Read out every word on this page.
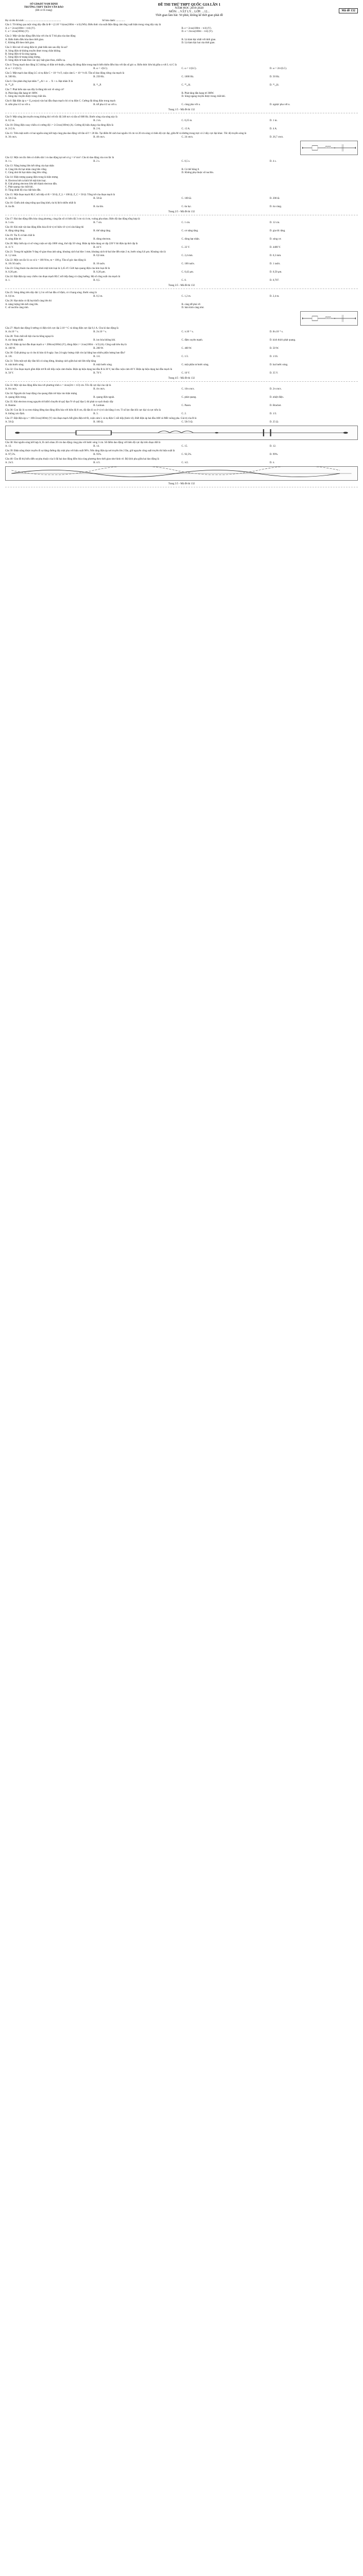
SỞ GD&ĐT NAM ĐỊNH
TRƯỜNG THPT TRẦN VĂN BẢO
(Đề có 05 trang)
ĐỀ THI THỬ THPT QUỐC GIA LẦN 1
NĂM HỌC 2019-2020
MÔN: ...VẬT LÝ... LỚP: ...12...
Thời gian làm bài: 50 phút, không kể thời gian phát đề
Mã đề 132
Họ và tên thí sinh: ........................................................	Số báo danh: ..............
Câu 1: Từ thông qua một vòng dây dẫn là Φ = (2.10⁻²/π)cos(100πt + π/4) (Wb). Biểu thức của suất điện động cảm ứng xuất hiện trong vòng dây này là
A. e = 2cos(100πt + π/4) (V).	B. e = 2cos(100πt − π/4) (V).
C. e = 2cos(100πt) (V).	D. e = 2πcos(100πt − π/4) (V).
Câu 2: Một vật dao động điều hòa với chu kì T thì pha của dao động
A. Biến thiên điều hòa theo thời gian.	B. Là hàm bậc nhất với thời gian.
C. Không đổi theo thời gian.	D. Là hàm bậc hai của thời gian.
Câu 3: Khi nói về sóng điện từ, phát biểu nào sau đây là sai?
A. Sóng điện từ không truyền được trong chân không.
B. Sóng điện từ là sóng ngang.
C. Sóng điện từ mang năng lượng.
D. Sóng điện từ tuân theo các quy luật giao thoa, nhiễu xạ.
Câu 4: Trong mạch dao động LC không có điện trở thuần, cường độ dòng điện trong mạch biến thiên điều hòa với tần số góc ω. Biểu thức liên hệ giữa ω với L và C là
A. ω = 1/√(LC).	B. ω = √(LC).	C. ω = 1/(LC).	D. ω = 2π√(LC).
Câu 5: Một mạch dao động LC có tụ điện C = 10⁻³/π F, cuộn cảm L = 10⁻³/π H. Tần số dao động riêng của mạch là
A. 500 Hz.	B. 250 Hz.	C. 1000 Hz.	D. 50 Hz.
Câu 6: Cho phản ứng hạt nhân ²⁷₁₃Al + α → X + n. Hạt nhân X là
A. ³⁰₁₅P.	B. ³¹₁₅P.	C. ³⁰₁₄Si.	D. ²⁹₁₄Si.
Câu 7: Phát biểu nào sau đây là đúng khi nói về sóng cơ?
A. Phát tăng dần hạng tử 1MW.	B. Phát tăng dần hạng tử 3MW.
C. Sóng dọc truyền được trong chất rắn.	D. Sóng ngang truyền được trong chất khí.
Câu 8: Đặt điện áp u = U₀cos(ωt) vào hai đầu đoạn mạch chỉ có tụ điện C. Cường độ dòng điện trong mạch
A. sớm pha π/2 so với u.	B. trễ pha π/2 so với u.	C. cùng pha với u.	D. ngược pha với u.
Trang 1/5 - Mã đề thi 132
Câu 9: Một sóng âm truyền trong không khí với tốc độ 340 m/s và tần số 680 Hz. Bước sóng của sóng này là
A. 0,5 m.	B. 2 m.	C. 0,25 m.	D. 1 m.
Câu 10: Dòng điện xoay chiều có cường độ i = 2√2cos(100πt) (A). Cường độ hiệu dụng của dòng điện là
A. 2√2 A.	B. 2 A.	C. √2 A.	D. 4 A.
Câu 11: Trên mặt nước có hai nguồn sóng kết hợp cùng pha dao động với tần số f = 20 Hz. Tại điểm M cách hai nguồn 16 cm và 20 cm sóng có biên độ cực đại, giữa M và đường trung trực có 2 dãy cực đại khác. Tốc độ truyền sóng là
A. 36 cm/s.	B. 40 cm/s.	C. 24 cm/s.	D. 26,7 cm/s.
Câu 12: Một con lắc đơn có chiều dài 1 m dao động tại nơi có g = π² m/s². Chu kì dao động của con lắc là
A. 1 s.	B. 2 s.	C. 0,5 s.	D. 4 s.
Câu 13: Năng lượng liên kết riêng của hạt nhân
A. Càng lớn thì hạt nhân càng bền vững.	B. Có thể bằng 0.
C. Càng nhỏ thì hạt nhân càng bền vững.	D. Không phụ thuộc số nuclôn.
Câu 14: Hiện tượng quang điện trong là hiện tượng
A. Electron bứt ra khỏi bề mặt kim loại.
B. Giải phóng electron liên kết thành electron dẫn.
C. Phát quang của chất khí.
D. Tăng nhiệt độ của chất bán dẫn.
Câu 15: Một đoạn mạch RLC nối tiếp có R = 50 Ω, Z_L = 100 Ω, Z_C = 50 Ω. Tổng trở của đoạn mạch là
A. 50√2 Ω.	B. 50 Ω.	C. 100 Ω.	D. 200 Ω.
Câu 16: Chiếu ánh sáng trắng qua lăng kính, tia bị lệch nhiều nhất là
A. tia đỏ.	B. tia tím.	C. tia lục.	D. tia vàng.
Trang 2/5 - Mã đề thi 132
Câu 17: Hai dao động điều hòa cùng phương, cùng tần số có biên độ 3 cm và 4 cm, vuông pha nhau. Biên độ dao động tổng hợp là
A. 5 cm.	B. 7 cm.	C. 1 cm.	D. 12 cm.
Câu 18: Khi một vật dao động điều hòa đi từ vị trí biên về vị trí cân bằng thì
A. động năng tăng.	B. thế năng tăng.	C. cơ năng tăng.	D. gia tốc tăng.
Câu 19: Tia X có bản chất là
A. sóng điện từ.	B. dòng electron.	C. dòng hạt nhân.	D. sóng cơ.
Câu 20: Máy biến áp có số vòng cuộn sơ cấp 1000 vòng, thứ cấp 50 vòng. Điện áp hiệu dụng sơ cấp 220 V thì điện áp thứ cấp là
A. 11 V.	B. 44 V.	C. 22 V.	D. 4400 V.
Câu 21: Trong thí nghiệm Y-âng về giao thoa ánh sáng, khoảng cách hai khe 1 mm, khoảng cách từ hai khe đến màn 2 m, bước sóng 0,6 μm. Khoảng vân là
A. 1,2 mm.	B. 0,6 mm.	C. 2,4 mm.	D. 0,3 mm.
Câu 22: Một con lắc lò xo có k = 100 N/m, m = 100 g. Tần số góc dao động là
A. 10√10 rad/s.	B. 10 rad/s.	C. 100 rad/s.	D. 1 rad/s.
Câu 23: Công thoát của electron khỏi một kim loại là 3,45 eV. Giới hạn quang điện của kim loại đó là
A. 0,36 μm.	B. 0,30 μm.	C. 0,42 μm.	D. 0,50 μm.
Câu 24: Đặt điện áp xoay chiều vào đoạn mạch RLC nối tiếp đang có cộng hưởng. Hệ số công suất của mạch là
A. 1.	B. 0,5.	C. 0.	D. 0,707.
Trang 3/5 - Mã đề thi 132
Câu 25: Sóng dừng trên dây dài 1,2 m với hai đầu cố định, có 4 bụng sóng. Bước sóng là
A. 0,6 m.	B. 0,3 m.	C. 1,2 m.	D. 2,4 m.
Câu 26: Hạt nhân có độ hụt khối càng lớn thì
A. năng lượng liên kết càng lớn.	B. càng dễ phá vỡ.
C. số nuclôn càng nhỏ.	D. bán kính càng nhỏ.
Câu 27: Mạch dao động lí tưởng có điện tích cực đại 2.10⁻⁶ C và dòng điện cực đại 0,1 A. Chu kì dao động là
A. 4π.10⁻⁵ s.	B. 2π.10⁻⁵ s.	C. π.10⁻⁵ s.	D. 8π.10⁻⁵ s.
Câu 28: Tính chất nổi bật của tia hồng ngoại là
A. tác dụng nhiệt.	B. ion hóa không khí.	C. đâm xuyên mạnh.	D. kích thích phát quang.
Câu 29: Điện áp hai đầu đoạn mạch u = 200cos(100πt) (V), dòng điện i = 2cos(100πt − π/3) (A). Công suất tiêu thụ là
A. 100 W.	B. 200 W.	C. 400 W.	D. 50 W.
Câu 30: Chất phóng xạ có chu kì bán rã 8 ngày. Sau 24 ngày lượng chất còn lại bằng bao nhiêu phần lượng ban đầu?
A. 1/8.	B. 1/4.	C. 1/3.	D. 1/16.
Câu 31: Trên một sợi dây đàn hồi có sóng dừng, khoảng cách giữa hai nút liên tiếp bằng
A. nửa bước sóng.	B. một bước sóng.	C. một phần tư bước sóng.	D. hai bước sóng.
Câu 32: Cho đoạn mạch gồm điện trở R nối tiếp cuộn cảm thuần. Điện áp hiệu dụng hai đầu R là 30 V, hai đầu cuộn cảm 40 V. Điện áp hiệu dụng hai đầu mạch là
A. 50 V.	B. 70 V.	C. 10 V.	D. 35 V.
Trang 4/5 - Mã đề thi 132
Câu 33: Một vật dao động điều hòa với phương trình x = 4cos(2πt + π/3) cm. Tốc độ cực đại của vật là
A. 8π cm/s.	B. 4π cm/s.	C. 16π cm/s.	D. 2π cm/s.
Câu 34: Nguyên tắc hoạt động của quang điện trở dựa vào hiện tượng
A. quang điện trong.	B. quang điện ngoài.	C. phát quang.	D. nhiệt điện.
Câu 35: Khi electron trong nguyên tử hiđrô chuyển từ quỹ đạo N về quỹ đạo L thì phát ra vạch thuộc dãy
A. Banme.	B. Laiman.	C. Pasen.	D. Bracket.
Câu 36: Con lắc lò xo treo thẳng đứng dao động điều hòa với biên độ 8 cm, độ dãn lò xo ở vị trí cân bằng 4 cm. Tỉ số lực đàn hồi cực đại và cực tiểu là
A. không xác định.	B. 3.	C. 2.	D. 1/3.
Câu 37: Đặt điện áp u = 100√2cos(100πt) (V) vào đoạn mạch AB gồm điện trở R, cuộn cảm L và tụ điện C nối tiếp (hình vẽ). Biết điện áp hai đầu AM và MB vuông pha. Giá trị của R là
A. 50 Ω.	B. 100 Ω.	C. 50√3 Ω.	D. 25 Ω.
Câu 38: Hai nguồn sóng kết hợp A, B cách nhau 20 cm dao động cùng pha với bước sóng 3 cm. Số điểm dao động với biên độ cực đại trên đoạn AB là
A. 13.	B. 14.	C. 15.	D. 12.
Câu 39: Điện năng được truyền đi xa bằng đường dây một pha với hiệu suất 90%. Nếu tăng điện áp nơi truyền lên 2 lần, giữ nguyên công suất truyền thì hiệu suất là
A. 97,5%.	B. 95%.	C. 92,5%.	D. 99%.
Câu 40: Cho đồ thị biểu diễn sự phụ thuộc của li độ hai dao động điều hòa cùng phương theo thời gian như hình vẽ. Độ lệch pha giữa hai dao động là
A. 2π/3.	B. π/3.	C. π/2.	D. π.
Trang 5/5 - Mã đề thi 132
